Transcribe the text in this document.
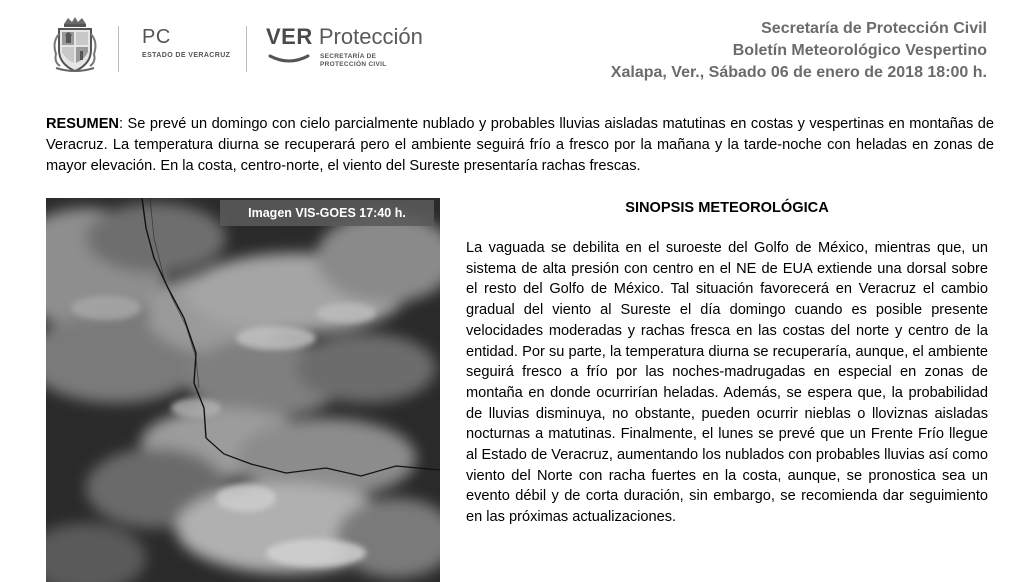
PC
ESTADO DE VERACRUZ
VER Protección
SECRETARÍA DE
PROTECCIÓN CIVIL
Secretaría de Protección Civil
Boletín Meteorológico Vespertino
Xalapa, Ver., Sábado 06 de enero de 2018 18:00 h.
RESUMEN: Se prevé un domingo con cielo parcialmente nublado y probables lluvias aisladas matutinas en costas y vespertinas en montañas de Veracruz. La temperatura diurna se recuperará pero el ambiente seguirá frío a fresco por la mañana y la tarde-noche con heladas en zonas de mayor elevación. En la costa, centro-norte, el viento del Sureste presentaría rachas frescas.
Imagen VIS-GOES 17:40 h.	SINOPSIS METEOROLÓGICA
La vaguada se debilita en el suroeste del Golfo de México, mientras que, un sistema de alta presión con centro en el NE de EUA extiende una dorsal sobre el resto del Golfo de México. Tal situación favorecerá en Veracruz el cambio gradual del viento al Sureste el día domingo cuando es posible presente velocidades moderadas y rachas fresca en las costas del norte y centro de la entidad. Por su parte, la temperatura diurna se recuperaría, aunque, el ambiente seguirá fresco a frío por las noches-madrugadas en especial en zonas de montaña en donde ocurrirían heladas. Además, se espera que, la probabilidad de lluvias disminuya, no obstante, pueden ocurrir nieblas o lloviznas aisladas nocturnas a matutinas. Finalmente, el lunes se prevé que un Frente Frío llegue al Estado de Veracruz, aumentando los nublados con probables lluvias así como viento del Norte con racha fuertes en la costa, aunque, se pronostica sea un evento débil y de corta duración, sin embargo, se recomienda dar seguimiento en las próximas actualizaciones.
